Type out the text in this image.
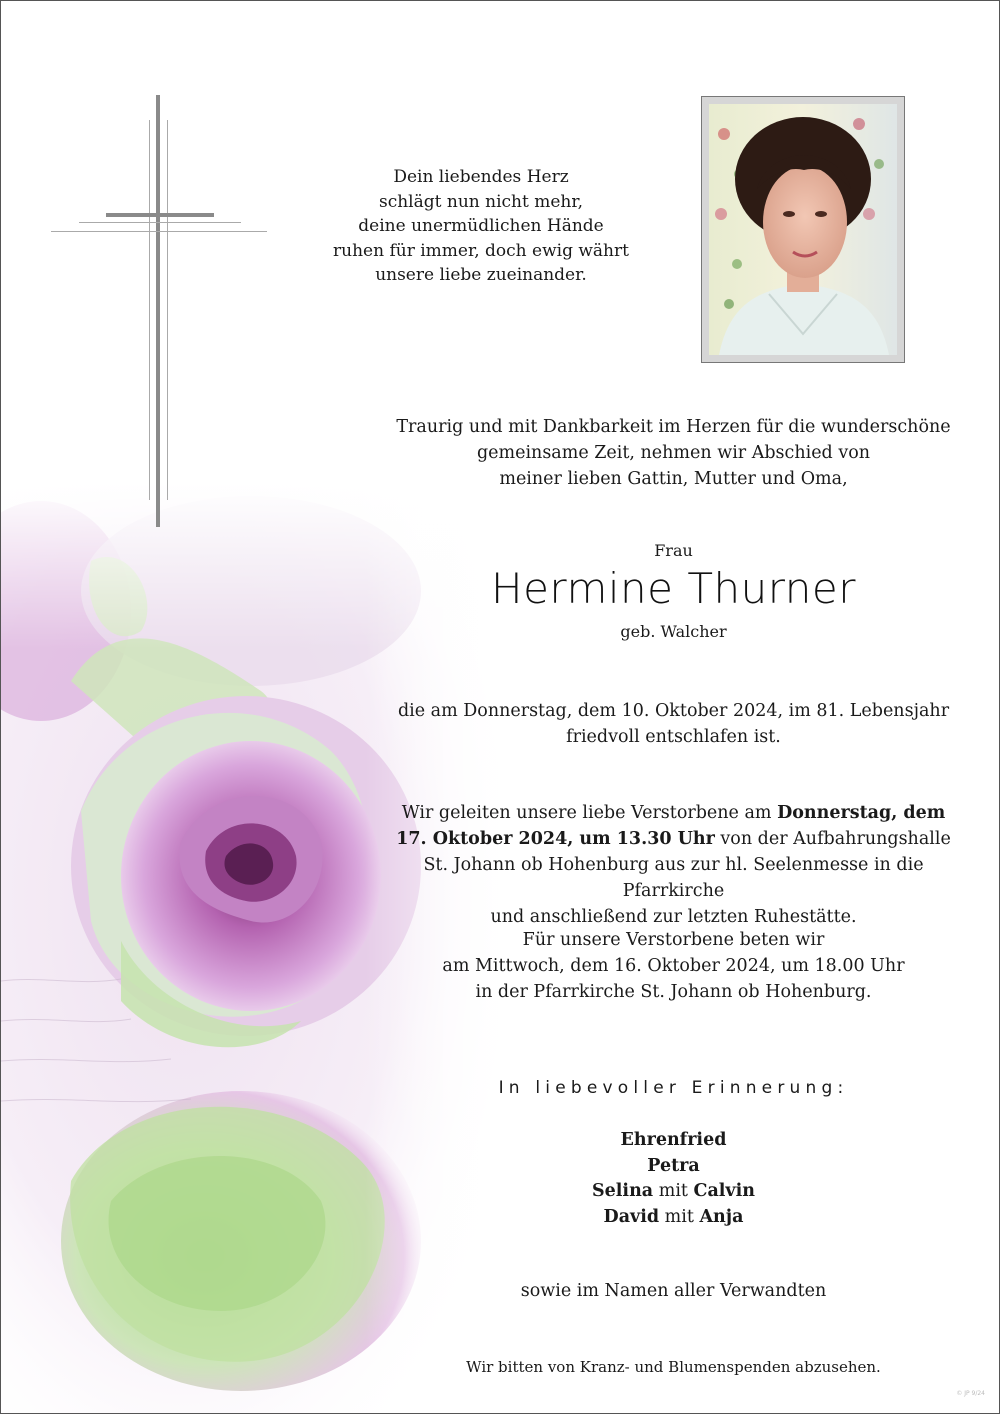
Dein liebendes Herz
schlägt nun nicht mehr,
deine unermüdlichen Hände
ruhen für immer, doch ewig währt
unsere liebe zueinander.
Traurig und mit Dankbarkeit im Herzen für die wunderschöne
gemeinsame Zeit, nehmen wir Abschied von
meiner lieben Gattin, Mutter und Oma,
Frau
Hermine Thurner
geb. Walcher
die am Donnerstag, dem 10. Oktober 2024, im 81. Lebensjahr
friedvoll entschlafen ist.
Wir geleiten unsere liebe Verstorbene am Donnerstag, dem
17. Oktober 2024, um 13.30 Uhr von der Aufbahrungshalle
St. Johann ob Hohenburg aus zur hl. Seelenmesse in die Pfarrkirche
und anschließend zur letzten Ruhestätte.
Für unsere Verstorbene beten wir
am Mittwoch, dem 16. Oktober 2024, um 18.00 Uhr
in der Pfarrkirche St. Johann ob Hohenburg.
In liebevoller Erinnerung:
Ehrenfried
Petra
Selina mit Calvin
David mit Anja
sowie im Namen aller Verwandten
Wir bitten von Kranz- und Blumenspenden abzusehen.
© JP 9/24
